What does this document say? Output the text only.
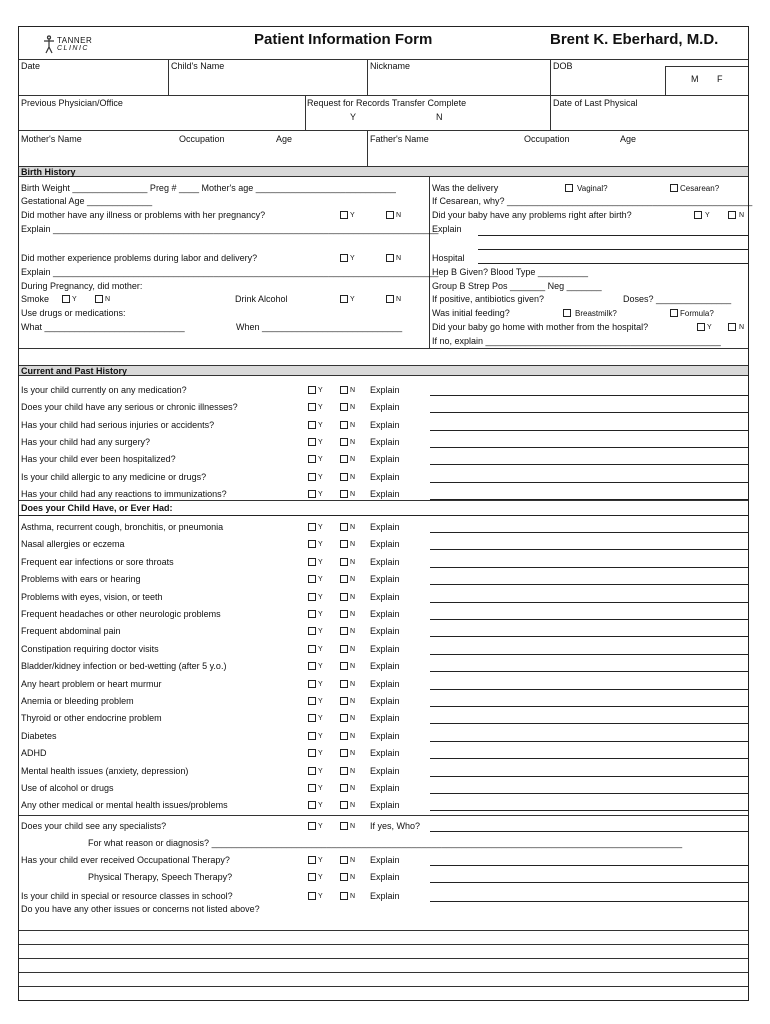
TANNER
CLINIC
Patient Information Form	Brent K. Eberhard, M.D.
Date	Child's Name	Nickname	DOB
M F
Previous Physician/Office	Request for Records Transfer Complete
Y	N
Date of Last Physical
Mother's Name	Occupation	Age	Father's Name	Occupation	Age
Birth History
Birth Weight _______________ Preg # ____ Mother's age ____________________________
Gestational Age _____________
Did mother have any illness or problems with her pregnancy?	Y	N
Explain _____________________________________________________________________________
Did mother experience problems during labor and delivery?	Y	N
Explain _____________________________________________________________________________
During Pregnancy, did mother:
Smoke	Y	N	Drink Alcohol	Y	N
Use drugs or medications:
What ____________________________	When ____________________________
Was the delivery	Vaginal?	Cesarean?
If Cesarean, why? _________________________________________________
Did your baby have any problems right after birth?	Y	N
Explain
Hospital
Hep B Given? Blood Type __________
Group B Strep Pos _______ Neg _______
If positive, antibiotics given?	Doses? _______________
Was initial feeding?	Breastmilk?	Formula?
Did your baby go home with mother from the hospital?	Y	N
If no, explain _______________________________________________
Current and Past History
Is your child currently on any medication?	Y	N Explain
Does your child have any serious or chronic illnesses?	Y	N Explain
Has your child had serious injuries or accidents?	Y	N Explain
Has your child had any surgery?	Y	N Explain
Has your child ever been hospitalized?	Y	N Explain
Is your child allergic to any medicine or drugs?	Y	N Explain
Has your child had any reactions to immunizations?	Y	N Explain
Does your Child Have, or Ever Had:
Asthma, recurrent cough, bronchitis, or pneumonia	Y	N Explain
Nasal allergies or eczema	Y	N Explain
Frequent ear infections or sore throats	Y	N Explain
Problems with ears or hearing	Y	N Explain
Problems with eyes, vision, or teeth	Y	N Explain
Frequent headaches or other neurologic problems	Y	N Explain
Frequent abdominal pain	Y	N Explain
Constipation requiring doctor visits	Y	N Explain
Bladder/kidney infection or bed-wetting (after 5 y.o.)	Y	N Explain
Any heart problem or heart murmur	Y	N Explain
Anemia or bleeding problem	Y	N Explain
Thyroid or other endocrine problem	Y	N Explain
Diabetes	Y	N Explain
ADHD	Y	N Explain
Mental health issues (anxiety, depression)	Y	N Explain
Use of alcohol or drugs	Y	N Explain
Any other medical or mental health issues/problems	Y	N Explain
Does your child see any specialists?	Y	N If yes, Who?
For what reason or diagnosis? ______________________________________________________________________________________________
Has your child ever received Occupational Therapy?	Y	N Explain
Physical Therapy, Speech Therapy?	Y	N Explain
Is your child in special or resource classes in school?	Y	N Explain
Do you have any other issues or concerns not listed above?
